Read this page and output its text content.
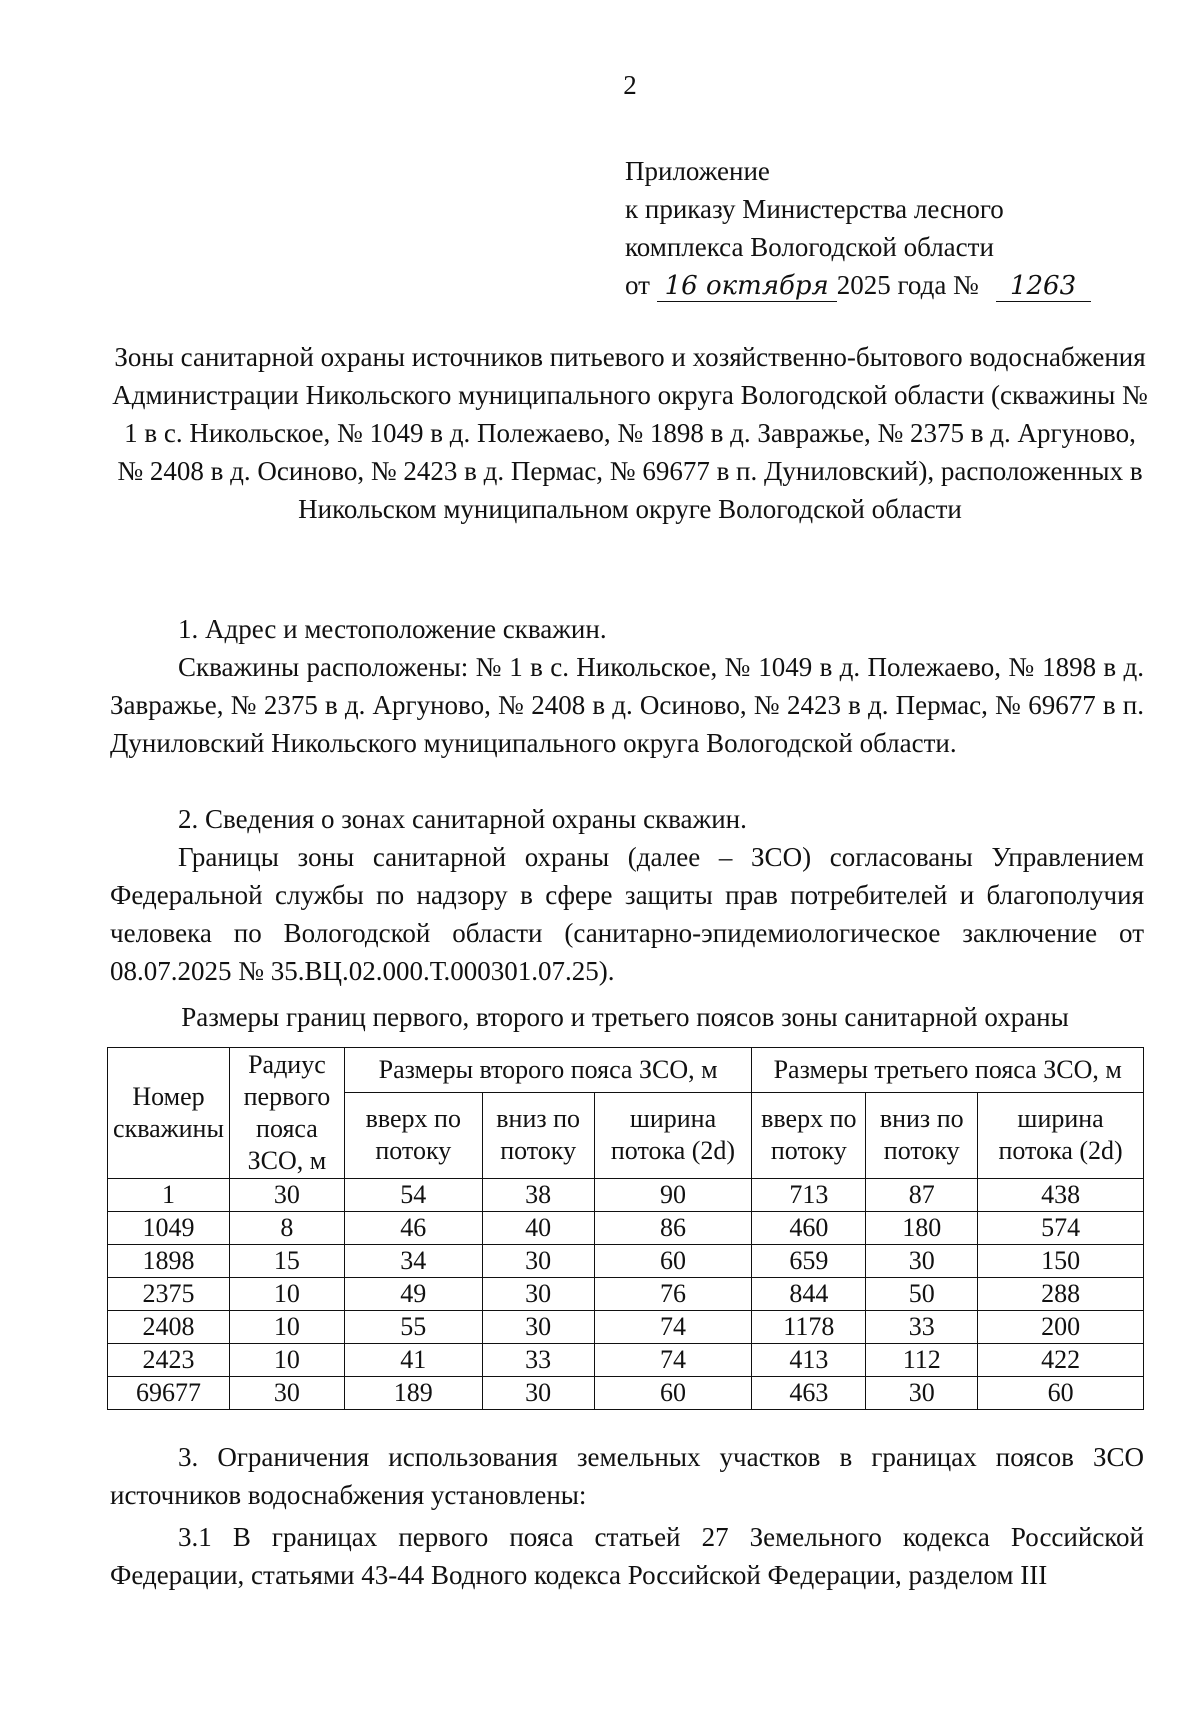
2
Приложение
к приказу Министерства лесного
комплекса Вологодской области
от 16 октября 2025 года № 1263
Зоны санитарной охраны источников питьевого и хозяйственно-бытового водоснабжения Администрации Никольского муниципального округа Вологодской области (скважины № 1 в с. Никольское, № 1049 в д. Полежаево, № 1898 в д. Завражье, № 2375 в д. Аргуново, № 2408 в д. Осиново, № 2423 в д. Пермас, № 69677 в п. Дуниловский), расположенных в Никольском муниципальном округе Вологодской области

1. Адрес и местоположение скважин.

Скважины расположены: № 1 в с. Никольское, № 1049 в д. Полежаево, № 1898 в д. Завражье, № 2375 в д. Аргуново, № 2408 в д. Осиново, № 2423 в д. Пермас, № 69677 в п. Дуниловский Никольского муниципального округа Вологодской области.

2. Сведения о зонах санитарной охраны скважин.

Границы зоны санитарной охраны (далее – ЗСО) согласованы Управлением Федеральной службы по надзору в сфере защиты прав потребителей и благополучия человека по Вологодской области (санитарно-эпидемиологическое заключение от 08.07.2025 № 35.ВЦ.02.000.Т.000301.07.25).

Размеры границ первого, второго и третьего поясов зоны санитарной охраны
Номер скважины	Радиус первого пояса ЗСО, м	Размеры второго пояса ЗСО, м			Размеры третьего пояса ЗСО, м		
		вверх по потоку	вниз по потоку	ширина потока (2d)	вверх по потоку	вниз по потоку	ширина потока (2d)
1	30	54	38	90	713	87	438
1049	8	46	40	86	460	180	574
1898	15	34	30	60	659	30	150
2375	10	49	30	76	844	50	288
2408	10	55	30	74	1178	33	200
2423	10	41	33	74	413	112	422
69677	30	189	30	60	463	30	60

3. Ограничения использования земельных участков в границах поясов ЗСО источников водоснабжения установлены:

3.1 В границах первого пояса статьей 27 Земельного кодекса Российской Федерации, статьями 43-44 Водного кодекса Российской Федерации, разделом III
